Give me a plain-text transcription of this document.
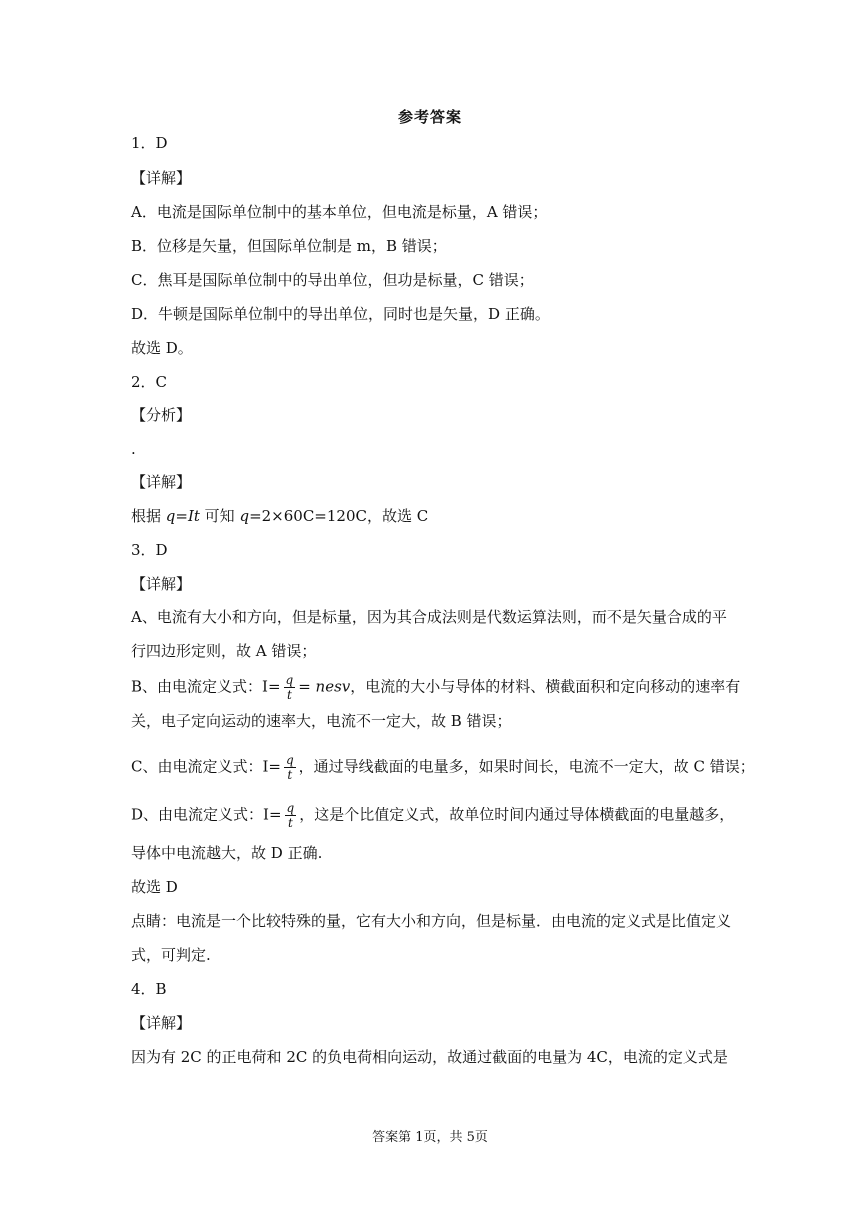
参考答案
1．D
【详解】
A．电流是国际单位制中的基本单位，但电流是标量，A 错误；
B．位移是矢量，但国际单位制是 m，B 错误；
C．焦耳是国际单位制中的导出单位，但功是标量，C 错误；
D．牛顿是国际单位制中的导出单位，同时也是矢量，D 正确。
故选 D。
2．C
【分析】
.
【详解】
根据 q=It 可知 q=2×60C=120C，故选 C
3．D
【详解】
A、电流有大小和方向，但是标量，因为其合成法则是代数运算法则，而不是矢量合成的平
行四边形定则，故 A 错误；
B、由电流定义式：$I= \frac{q}{t}$ = nesv，电流的大小与导体的材料、横截面积和定向移动的速率有
关，电子定向运动的速率大，电流不一定大，故 B 错误；
C、由电流定义式：$I= \frac{q}{t}$ ，通过导线截面的电量多，如果时间长，电流不一定大，故 C 错误；
D、由电流定义式：$I= \frac{q}{t}$ ，这是个比值定义式，故单位时间内通过导体横截面的电量越多，
导体中电流越大，故 D 正确.
故选 D
点睛：电流是一个比较特殊的量，它有大小和方向，但是标量．由电流的定义式是比值定义
式，可判定.
4．B
【详解】
因为有 2C 的正电荷和 2C 的负电荷相向运动，故通过截面的电量为 4C，电流的定义式是
答案第 1页，共 5页
